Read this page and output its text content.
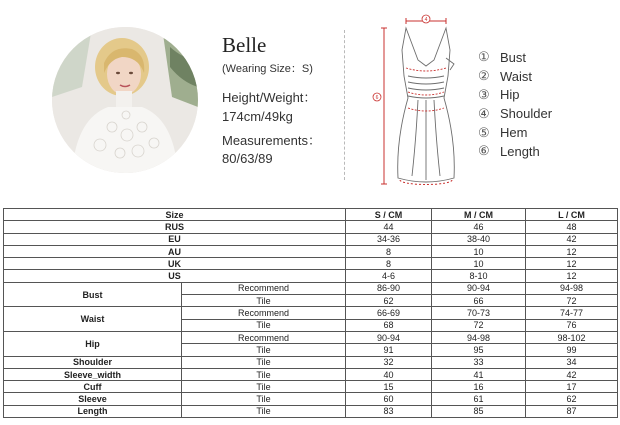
Belle
(Wearing Size：S)
Height/Weight：
174cm/49kg
Measurements：
80/63/89
4
6
① Bust
② Waist
③ Hip
④ Shoulder
⑤ Hem
⑥ Length
Size		S / CM	M / CM	L / CM
RUS		44	46	48
EU		34-36	38-40	42
AU		8	10	12
UK		8	10	12
US		4-6	8-10	12
Bust	Recommend	86-90	90-94	94-98
	Tile	62	66	72
Waist	Recommend	66-69	70-73	74-77
	Tile	68	72	76
Hip	Recommend	90-94	94-98	98-102
	Tile	91	95	99
Shoulder	Tile	32	33	34
Sleeve_width	Tile	40	41	42
Cuff	Tile	15	16	17
Sleeve	Tile	60	61	62
Length	Tile	83	85	87
